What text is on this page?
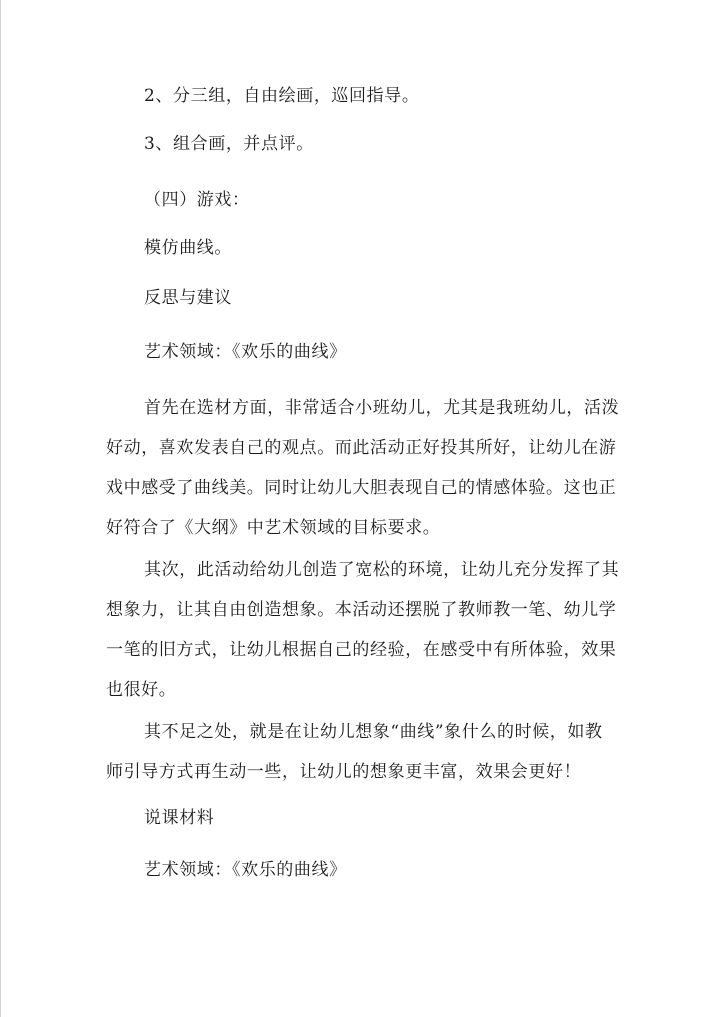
2、分三组，自由绘画，巡回指导。
3、组合画，并点评。
（四）游戏：
模仿曲线。
反思与建议
艺术领域：《欢乐的曲线》
首先在选材方面，非常适合小班幼儿，尤其是我班幼儿，活泼
好动，喜欢发表自己的观点。而此活动正好投其所好，让幼儿在游
戏中感受了曲线美。同时让幼儿大胆表现自己的情感体验。这也正
好符合了《大纲》中艺术领域的目标要求。
其次，此活动给幼儿创造了宽松的环境，让幼儿充分发挥了其
想象力，让其自由创造想象。本活动还摆脱了教师教一笔、幼儿学
一笔的旧方式，让幼儿根据自己的经验，在感受中有所体验，效果
也很好。
其不足之处，就是在让幼儿想象“曲线”象什么的时候，如教
师引导方式再生动一些，让幼儿的想象更丰富，效果会更好！
说课材料
艺术领域：《欢乐的曲线》
